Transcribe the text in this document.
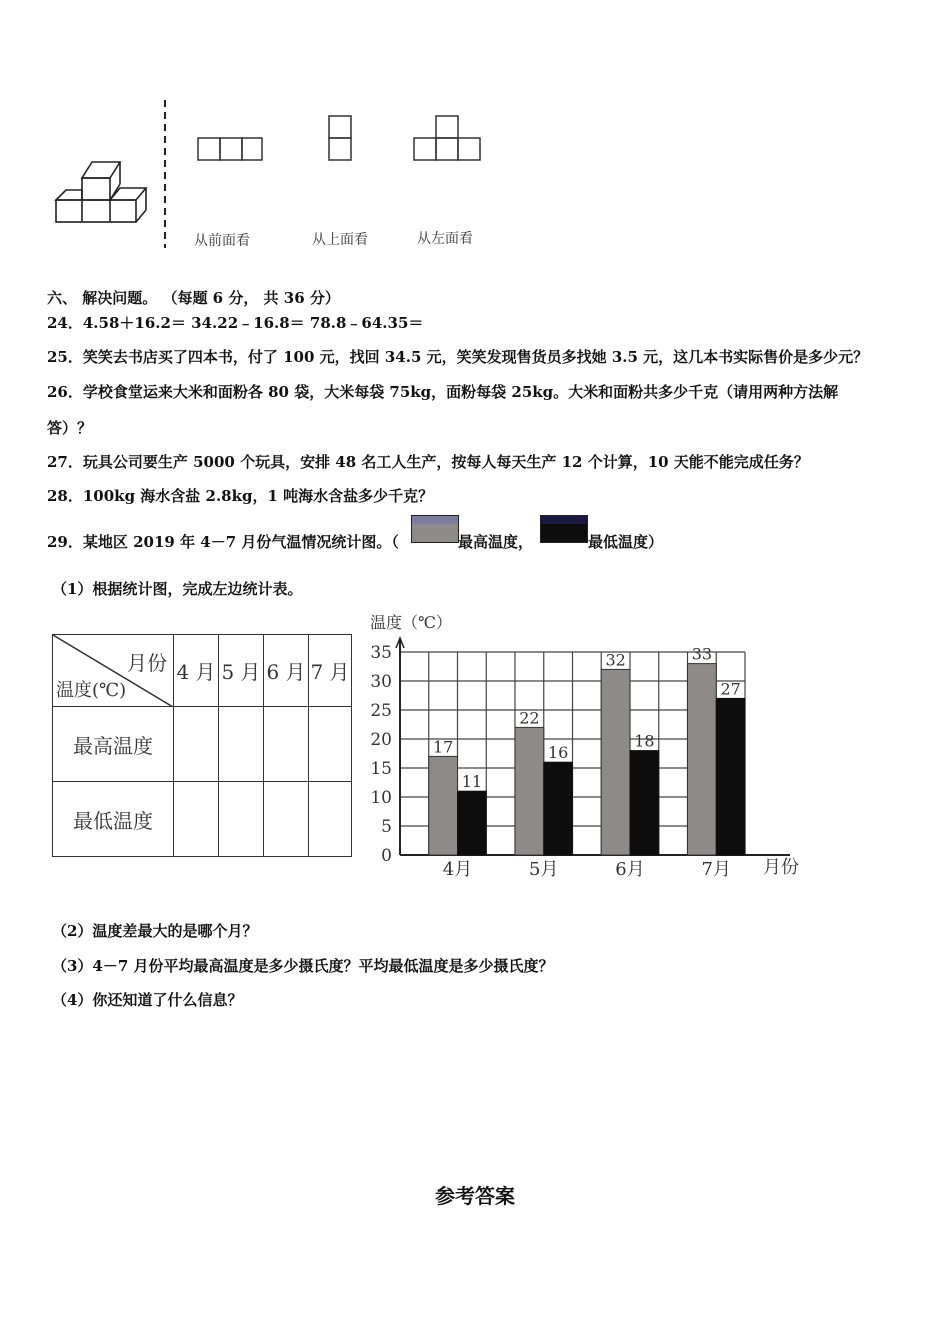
从前面看	从上面看	从左面看
六、 解决问题。 （每题 6 分， 共 36 分）
24．4.58＋16.2＝ 34.22﹣16.8＝ 78.8﹣64.35＝
25．笑笑去书店买了四本书，付了 100 元，找回 34.5 元，笑笑发现售货员多找她 3.5 元，这几本书实际售价是多少元？
26．学校食堂运来大米和面粉各 80 袋，大米每袋 75kg，面粉每袋 25kg。大米和面粉共多少千克（请用两种方法解
答）？
27．玩具公司要生产 5000 个玩具，安排 48 名工人生产，按每人每天生产 12 个计算，10 天能不能完成任务？
28．100kg 海水含盐 2.8kg，1 吨海水含盐多少千克？
29．某地区 2019 年 4－7 月份气温情况统计图。（	最高温度，	最低温度）
（1）根据统计图，完成左边统计表。
月份
温度(℃)	4 月	5 月	6 月	7 月
最高温度				
最低温度				
0
5
10
15
20
25
30
35
温度（℃）
月份
17
11
4月
22
16
5月
32
18
6月
33
27
7月
（2）温度差最大的是哪个月？
（3）4－7 月份平均最高温度是多少摄氏度？平均最低温度是多少摄氏度？
（4）你还知道了什么信息？
参考答案
